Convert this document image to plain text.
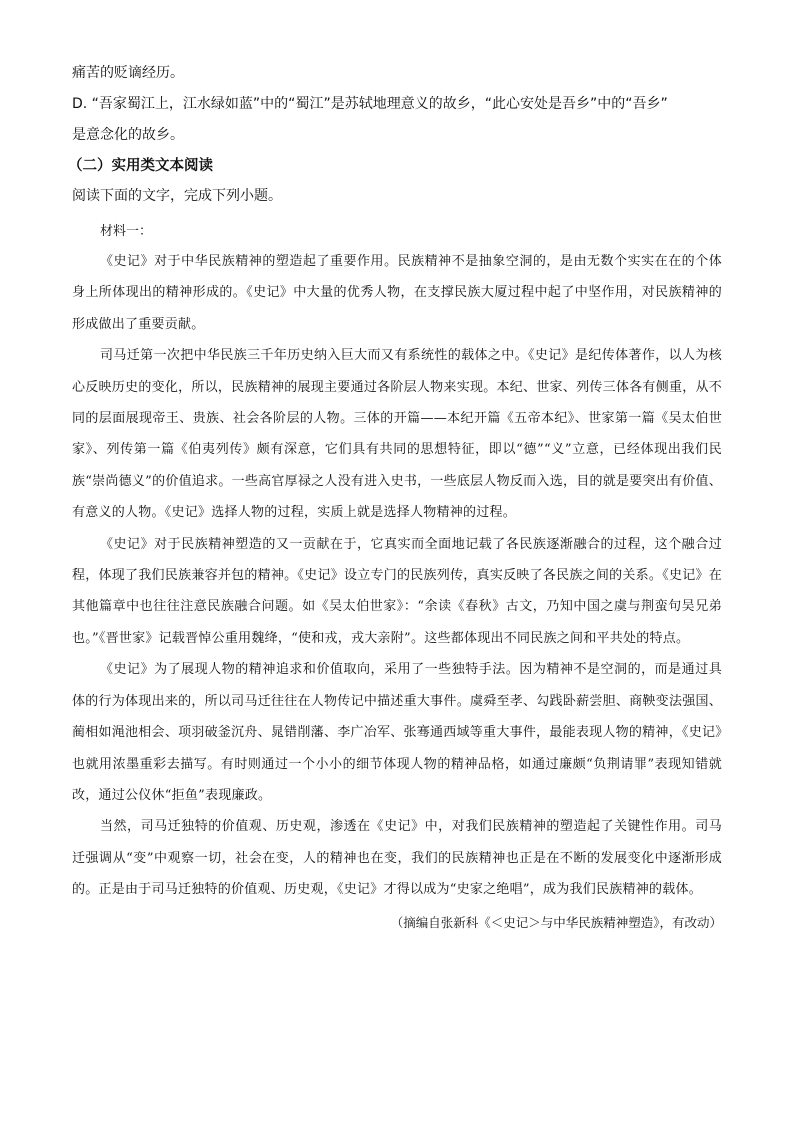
痛苦的贬谪经历。

D. “吾家蜀江上，江水绿如蓝”中的“蜀江”是苏轼地理意义的故乡，“此心安处是吾乡”中的“吾乡”

是意念化的故乡。

（二）实用类文本阅读

阅读下面的文字，完成下列小题。

材料一：

《史记》对于中华民族精神的塑造起了重要作用。民族精神不是抽象空洞的，是由无数个实实在在的个体身上所体现出的精神形成的。《史记》中大量的优秀人物，在支撑民族大厦过程中起了中坚作用，对民族精神的形成做出了重要贡献。

司马迁第一次把中华民族三千年历史纳入巨大而又有系统性的载体之中。《史记》是纪传体著作，以人为核心反映历史的变化，所以，民族精神的展现主要通过各阶层人物来实现。本纪、世家、列传三体各有侧重，从不同的层面展现帝王、贵族、社会各阶层的人物。三体的开篇——本纪开篇《五帝本纪》、世家第一篇《吴太伯世家》、列传第一篇《伯夷列传》颇有深意，它们具有共同的思想特征，即以“德”“义”立意，已经体现出我们民族“崇尚德义”的价值追求。一些高官厚禄之人没有进入史书，一些底层人物反而入选，目的就是要突出有价值、有意义的人物。《史记》选择人物的过程，实质上就是选择人物精神的过程。

《史记》对于民族精神塑造的又一贡献在于，它真实而全面地记载了各民族逐渐融合的过程，这个融合过程，体现了我们民族兼容并包的精神。《史记》设立专门的民族列传，真实反映了各民族之间的关系。《史记》在其他篇章中也往往注意民族融合问题。如《吴太伯世家》：“余读《春秋》古文，乃知中国之虞与荆蛮句吴兄弟也。”《晋世家》记载晋悼公重用魏绛，“使和戎，戎大亲附”。这些都体现出不同民族之间和平共处的特点。

《史记》为了展现人物的精神追求和价值取向，采用了一些独特手法。因为精神不是空洞的，而是通过具体的行为体现出来的，所以司马迁往往在人物传记中描述重大事件。虞舜至孝、勾践卧薪尝胆、商鞅变法强国、蔺相如渑池相会、项羽破釜沉舟、晁错削藩、李广冶军、张骞通西域等重大事件，最能表现人物的精神，《史记》也就用浓墨重彩去描写。有时则通过一个小小的细节体现人物的精神品格，如通过廉颇“负荆请罪”表现知错就改，通过公仪休“拒鱼”表现廉政。

当然，司马迁独特的价值观、历史观，渗透在《史记》中，对我们民族精神的塑造起了关键性作用。司马迁强调从“变”中观察一切，社会在变，人的精神也在变，我们的民族精神也正是在不断的发展变化中逐渐形成的。正是由于司马迁独特的价值观、历史观，《史记》才得以成为“史家之绝唱”，成为我们民族精神的载体。

（摘编自张新科《＜史记＞与中华民族精神塑造》，有改动）
